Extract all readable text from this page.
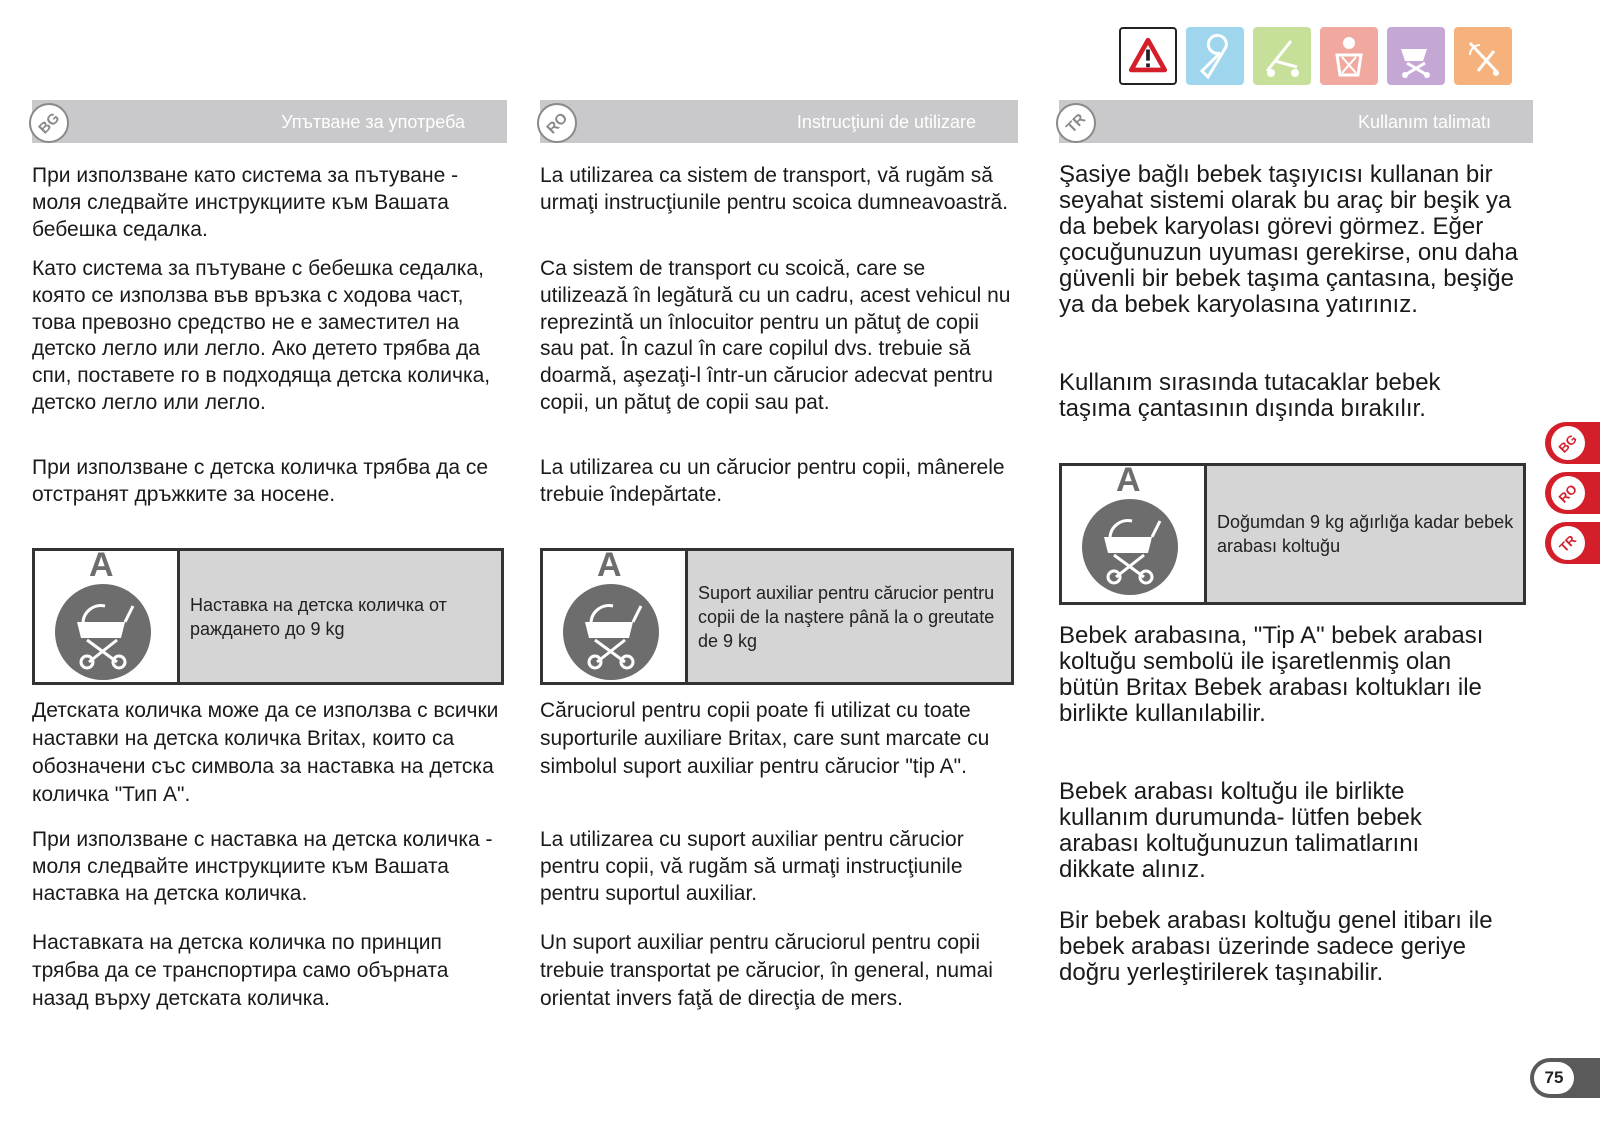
BG	Упътване за употреба

При използване като система за пътуване - моля следвайте инструкциите към Вашата бебешка седалка.

Като система за пътуване с бебешка седалка, която се използва във връзка с ходова част, това превозно средство не е заместител на детско легло или легло. Ако детето трябва да спи, поставете го в подходяща детска количка, детско легло или легло.

При използване с детска количка трябва да се отстранят дръжките за носене.

A
Наставка на детска количка от раждането до 9 kg

Детската количка може да се използва с всички наставки на детска количка Britax, които са обозначени със символа за наставка на детска количка "Тип A".

При използване с наставка на детска количка - моля следвайте инструкциите към Вашата наставка на детска количка.

Наставката на детска количка по принцип трябва да се транспортира само обърната назад върху детската количка.

RO	Instrucţiuni de utilizare

La utilizarea ca sistem de transport, vă rugăm să urmaţi instrucţiunile pentru scoica dumneavoastră.

Ca sistem de transport cu scoică, care se utilizează în legătură cu un cadru, acest vehicul nu reprezintă un înlocuitor pentru un pătuţ de copii sau pat. În cazul în care copilul dvs. trebuie să doarmă, aşezaţi-l într-un cărucior adecvat pentru copii, un pătuţ de copii sau pat.

La utilizarea cu un cărucior pentru copii, mânerele trebuie îndepărtate.

A
Suport auxiliar pentru cărucior pentru copii de la naştere până la o greutate de 9 kg

Căruciorul pentru copii poate fi utilizat cu toate suporturile auxiliare Britax, care sunt marcate cu simbolul suport auxiliar pentru cărucior "tip A".

La utilizarea cu suport auxiliar pentru cărucior pentru copii, vă rugăm să urmaţi instrucţiunile pentru suportul auxiliar.

Un suport auxiliar pentru căruciorul pentru copii trebuie transportat pe cărucior, în general, numai orientat invers faţă de direcţia de mers.

TR	Kullanım talimatı

Şasiye bağlı bebek taşıyıcısı kullanan bir seyahat sistemi olarak bu araç bir beşik ya da bebek karyolası görevi görmez. Eğer çocuğunuzun uyuması gerekirse, onu daha güvenli bir bebek taşıma çantasına, beşiğe ya da bebek karyolasına yatırınız.

Kullanım sırasında tutacaklar bebek taşıma çantasının dışında bırakılır.

A
Doğumdan 9 kg ağırlığa kadar bebek arabası koltuğu

Bebek arabasına, "Tip A" bebek arabası koltuğu sembolü ile işaretlenmiş olan bütün Britax Bebek arabası koltukları ile birlikte kullanılabilir.

Bebek arabası koltuğu ile birlikte kullanım durumunda- lütfen bebek arabası koltuğunuzun talimatlarını dikkate alınız.

Bir bebek arabası koltuğu genel itibarı ile bebek arabası üzerinde sadece geriye doğru yerleştirilerek taşınabilir.

BG
RO
TR
75
